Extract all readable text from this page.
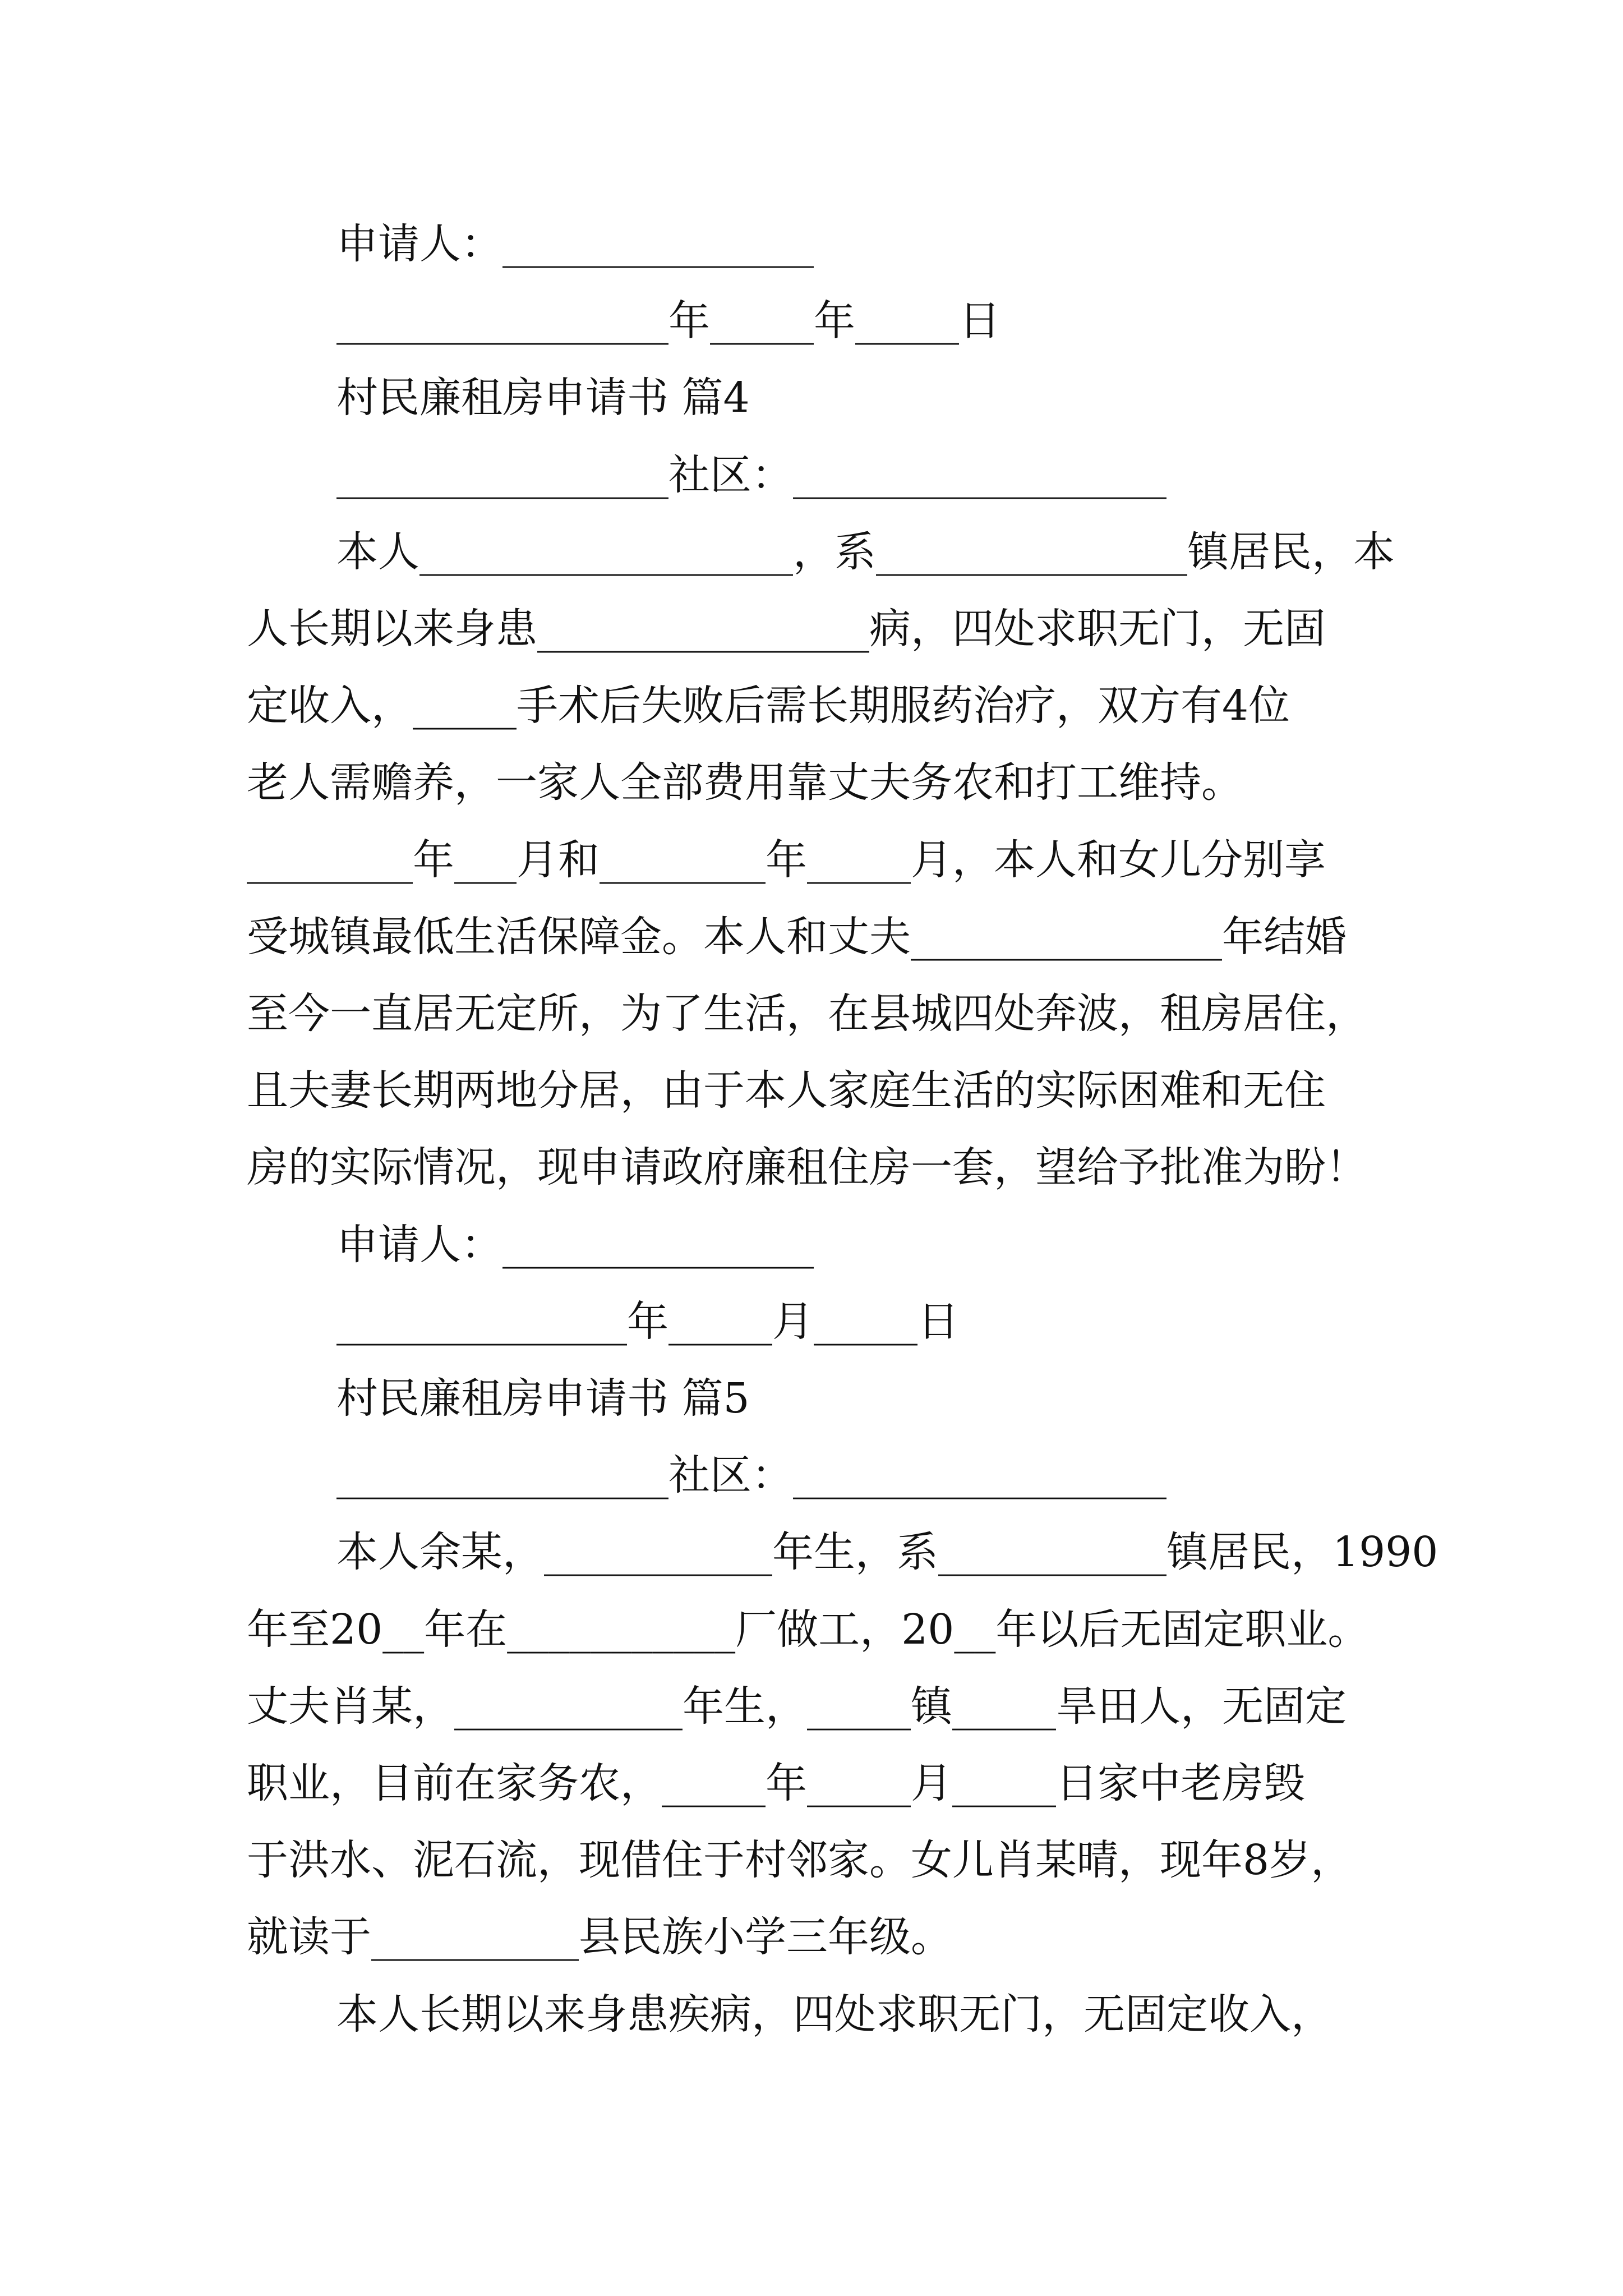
申请人：_______________
________________年_____年_____日
村民廉租房申请书 篇4
________________社区：__________________
本人__________________，系_______________镇居民，本
人长期以来身患________________病，四处求职无门，无固
定收入，_____手术后失败后需长期服药治疗，双方有4位
老人需赡养，一家人全部费用靠丈夫务农和打工维持。
________年___月和________年_____月，本人和女儿分别享
受城镇最低生活保障金。本人和丈夫_______________年结婚
至今一直居无定所，为了生活，在县城四处奔波，租房居住，
且夫妻长期两地分居，由于本人家庭生活的实际困难和无住
房的实际情况，现申请政府廉租住房一套，望给予批准为盼！
申请人：_______________
______________年_____月_____日
村民廉租房申请书 篇5
________________社区：__________________
本人余某，___________年生，系___________镇居民，1990
年至20__年在___________厂做工，20__年以后无固定职业。
丈夫肖某，___________年生，_____镇_____旱田人，无固定
职业，目前在家务农，_____年_____月_____日家中老房毁
于洪水、泥石流，现借住于村邻家。女儿肖某晴，现年8岁，
就读于__________县民族小学三年级。
本人长期以来身患疾病，四处求职无门，无固定收入，
